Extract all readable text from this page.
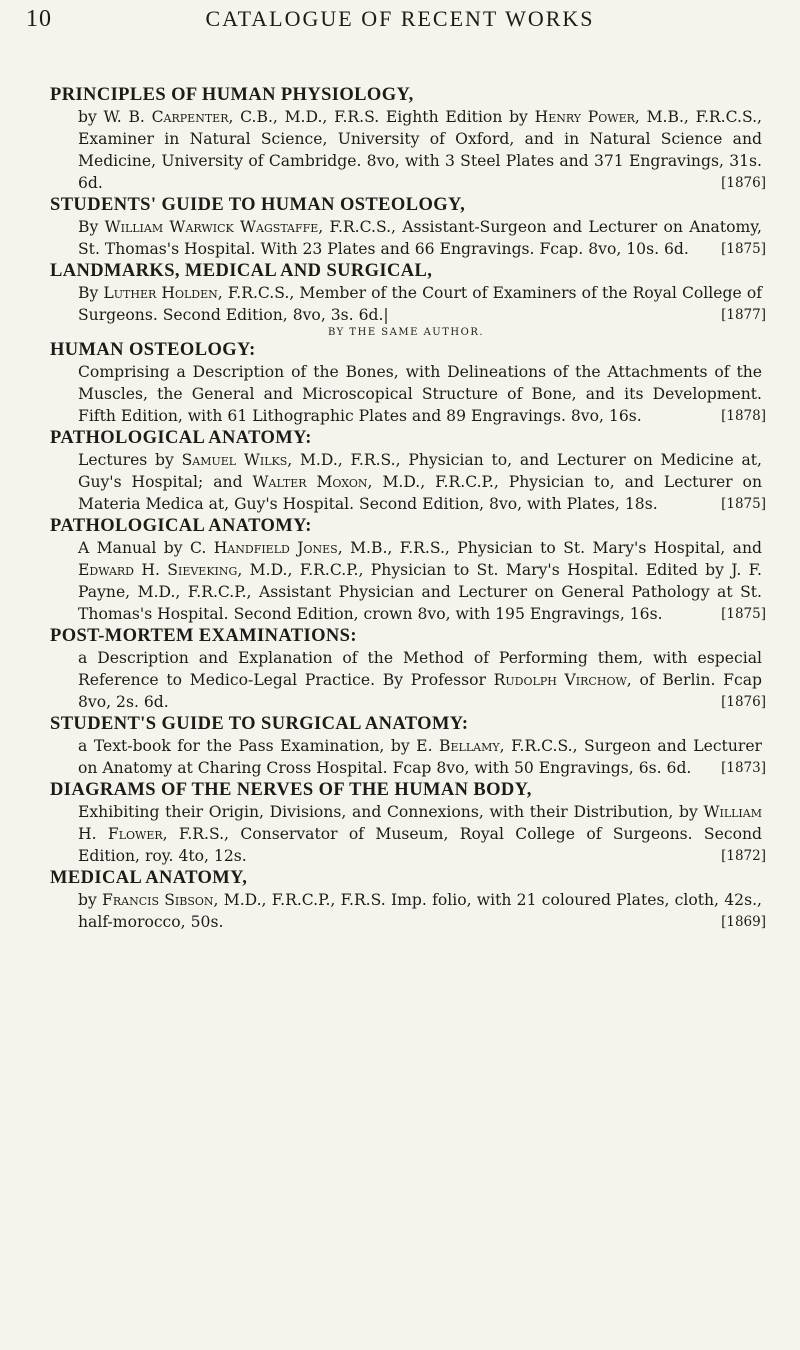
10	CATALOGUE OF RECENT WORKS
PRINCIPLES OF HUMAN PHYSIOLOGY,
by W. B. Carpenter, C.B., M.D., F.R.S. Eighth Edition by Henry Power, M.B., F.R.C.S., Examiner in Natural Science, University of Oxford, and in Natural Science and Medicine, University of Cambridge. 8vo, with 3 Steel Plates and 371 Engravings, 31s. 6d.	[1876]
STUDENTS' GUIDE TO HUMAN OSTEOLOGY,
By William Warwick Wagstaffe, F.R.C.S., Assistant-Surgeon and Lecturer on Anatomy, St. Thomas's Hospital. With 23 Plates and 66 Engravings. Fcap. 8vo, 10s. 6d. [1875]
LANDMARKS, MEDICAL AND SURGICAL,
By Luther Holden, F.R.C.S., Member of the Court of Examiners of the Royal College of Surgeons. Second Edition, 8vo, 3s. 6d.|	[1877]
BY THE SAME AUTHOR.
HUMAN OSTEOLOGY:
Comprising a Description of the Bones, with Delineations of the Attachments of the Muscles, the General and Microscopical Structure of Bone, and its Development. Fifth Edition, with 61 Lithographic Plates and 89 Engravings. 8vo, 16s.	[1878]
PATHOLOGICAL ANATOMY:
Lectures by Samuel Wilks, M.D., F.R.S., Physician to, and Lecturer on Medicine at, Guy's Hospital; and Walter Moxon, M.D., F.R.C.P., Physician to, and Lecturer on Materia Medica at, Guy's Hospital. Second Edition, 8vo, with Plates, 18s.	[1875]
PATHOLOGICAL ANATOMY:
A Manual by C. Handfield Jones, M.B., F.R.S., Physician to St. Mary's Hospital, and Edward H. Sieveking, M.D., F.R.C.P., Physician to St. Mary's Hospital. Edited by J. F. Payne, M.D., F.R.C.P., Assistant Physician and Lecturer on General Pathology at St. Thomas's Hospital. Second Edition, crown 8vo, with 195 Engravings, 16s.	[1875]
POST-MORTEM EXAMINATIONS:
a Description and Explanation of the Method of Performing them, with especial Reference to Medico-Legal Practice. By Professor Rudolph Virchow, of Berlin. Fcap 8vo, 2s. 6d.	[1876]
STUDENT'S GUIDE TO SURGICAL ANATOMY:
a Text-book for the Pass Examination, by E. Bellamy, F.R.C.S., Surgeon and Lecturer on Anatomy at Charing Cross Hospital. Fcap 8vo, with 50 Engravings, 6s. 6d. [1873]
DIAGRAMS OF THE NERVES OF THE HUMAN BODY,
Exhibiting their Origin, Divisions, and Connexions, with their Distribution, by William H. Flower, F.R.S., Conservator of Museum, Royal College of Surgeons. Second Edition, roy. 4to, 12s.	[1872]
MEDICAL ANATOMY,
by Francis Sibson, M.D., F.R.C.P., F.R.S. Imp. folio, with 21 coloured Plates, cloth, 42s., half-morocco, 50s.	[1869]
